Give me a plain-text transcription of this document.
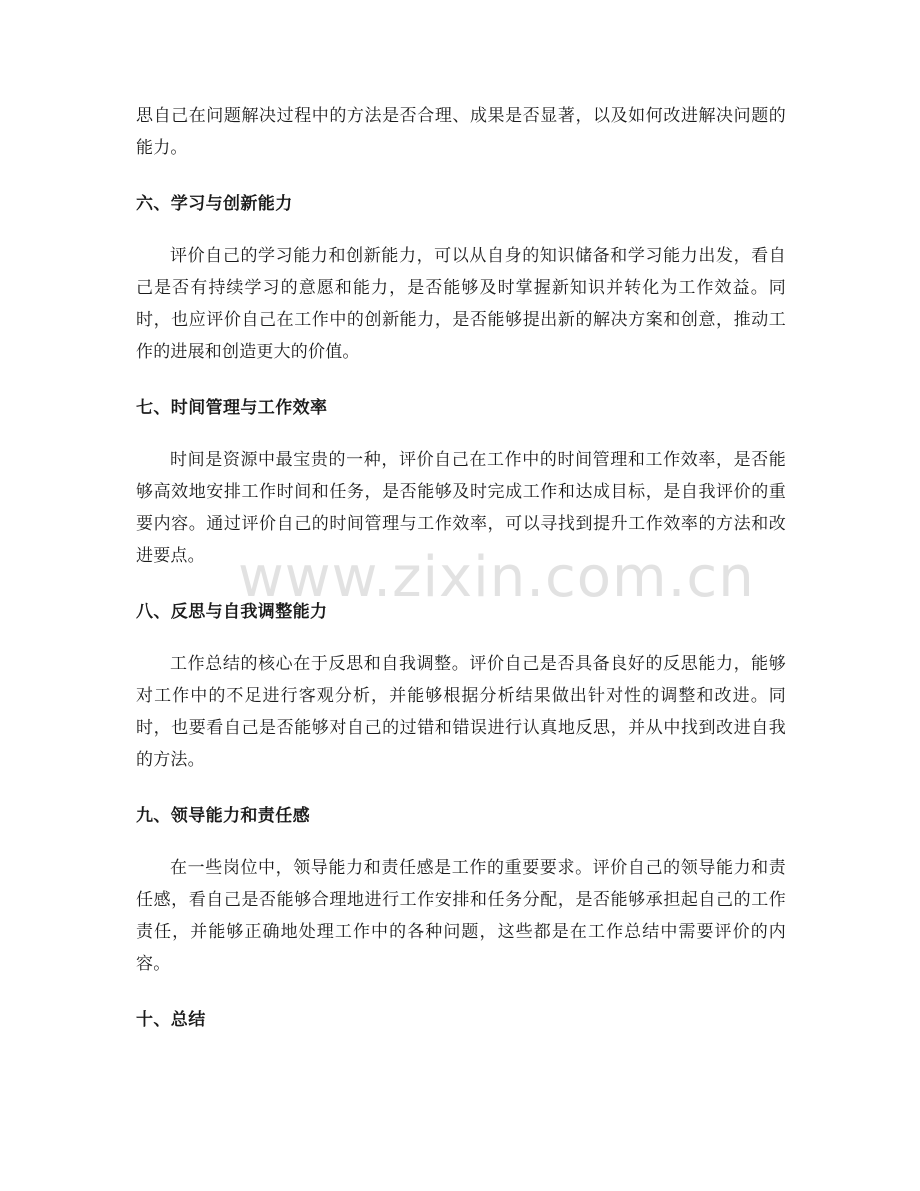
思自己在问题解决过程中的方法是否合理、成果是否显著，以及如何改进解决问题的能力。

六、学习与创新能力

评价自己的学习能力和创新能力，可以从自身的知识储备和学习能力出发，看自己是否有持续学习的意愿和能力，是否能够及时掌握新知识并转化为工作效益。同时，也应评价自己在工作中的创新能力，是否能够提出新的解决方案和创意，推动工作的进展和创造更大的价值。

七、时间管理与工作效率

时间是资源中最宝贵的一种，评价自己在工作中的时间管理和工作效率，是否能够高效地安排工作时间和任务，是否能够及时完成工作和达成目标，是自我评价的重要内容。通过评价自己的时间管理与工作效率，可以寻找到提升工作效率的方法和改进要点。

八、反思与自我调整能力

工作总结的核心在于反思和自我调整。评价自己是否具备良好的反思能力，能够对工作中的不足进行客观分析，并能够根据分析结果做出针对性的调整和改进。同时，也要看自己是否能够对自己的过错和错误进行认真地反思，并从中找到改进自我的方法。

九、领导能力和责任感

在一些岗位中，领导能力和责任感是工作的重要要求。评价自己的领导能力和责任感，看自己是否能够合理地进行工作安排和任务分配，是否能够承担起自己的工作责任，并能够正确地处理工作中的各种问题，这些都是在工作总结中需要评价的内容。

十、总结
www.zixin.com.cn
